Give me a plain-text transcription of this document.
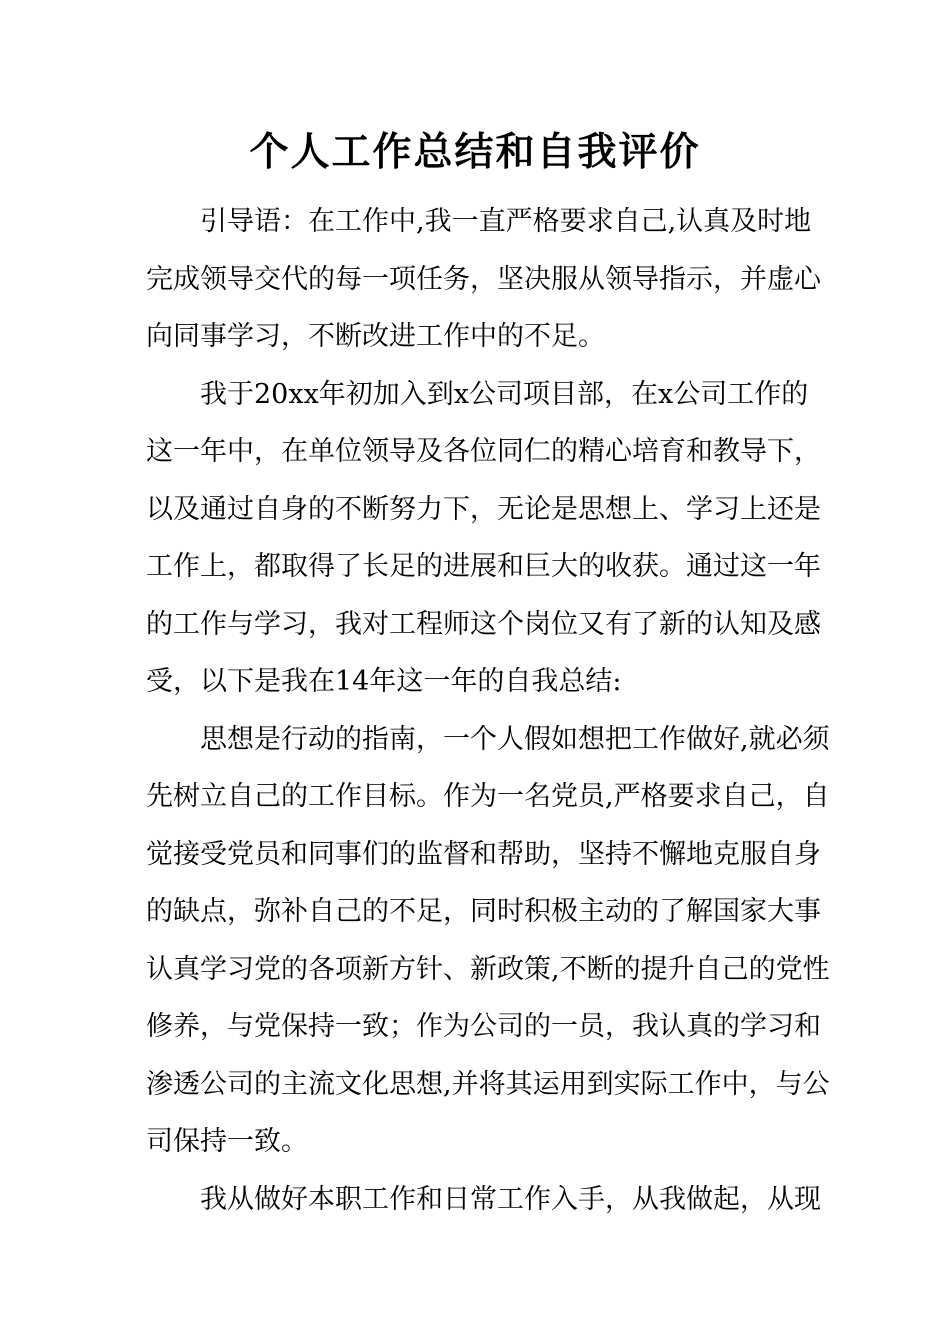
个人工作总结和自我评价
引导语：在工作中,我一直严格要求自己,认真及时地
完成领导交代的每一项任务，坚决服从领导指示，并虚心
向同事学习，不断改进工作中的不足。
我于20xx年初加入到x公司项目部，在x公司工作的
这一年中，在单位领导及各位同仁的精心培育和教导下，
以及通过自身的不断努力下，无论是思想上、学习上还是
工作上，都取得了长足的进展和巨大的收获。通过这一年
的工作与学习，我对工程师这个岗位又有了新的认知及感
受，以下是我在14年这一年的自我总结:
思想是行动的指南，一个人假如想把工作做好,就必须
先树立自己的工作目标。作为一名党员,严格要求自己，自
觉接受党员和同事们的监督和帮助，坚持不懈地克服自身
的缺点，弥补自己的不足，同时积极主动的了解国家大事
认真学习党的各项新方针、新政策,不断的提升自己的党性
修养，与党保持一致；作为公司的一员，我认真的学习和
渗透公司的主流文化思想,并将其运用到实际工作中，与公
司保持一致。
我从做好本职工作和日常工作入手，从我做起，从现
